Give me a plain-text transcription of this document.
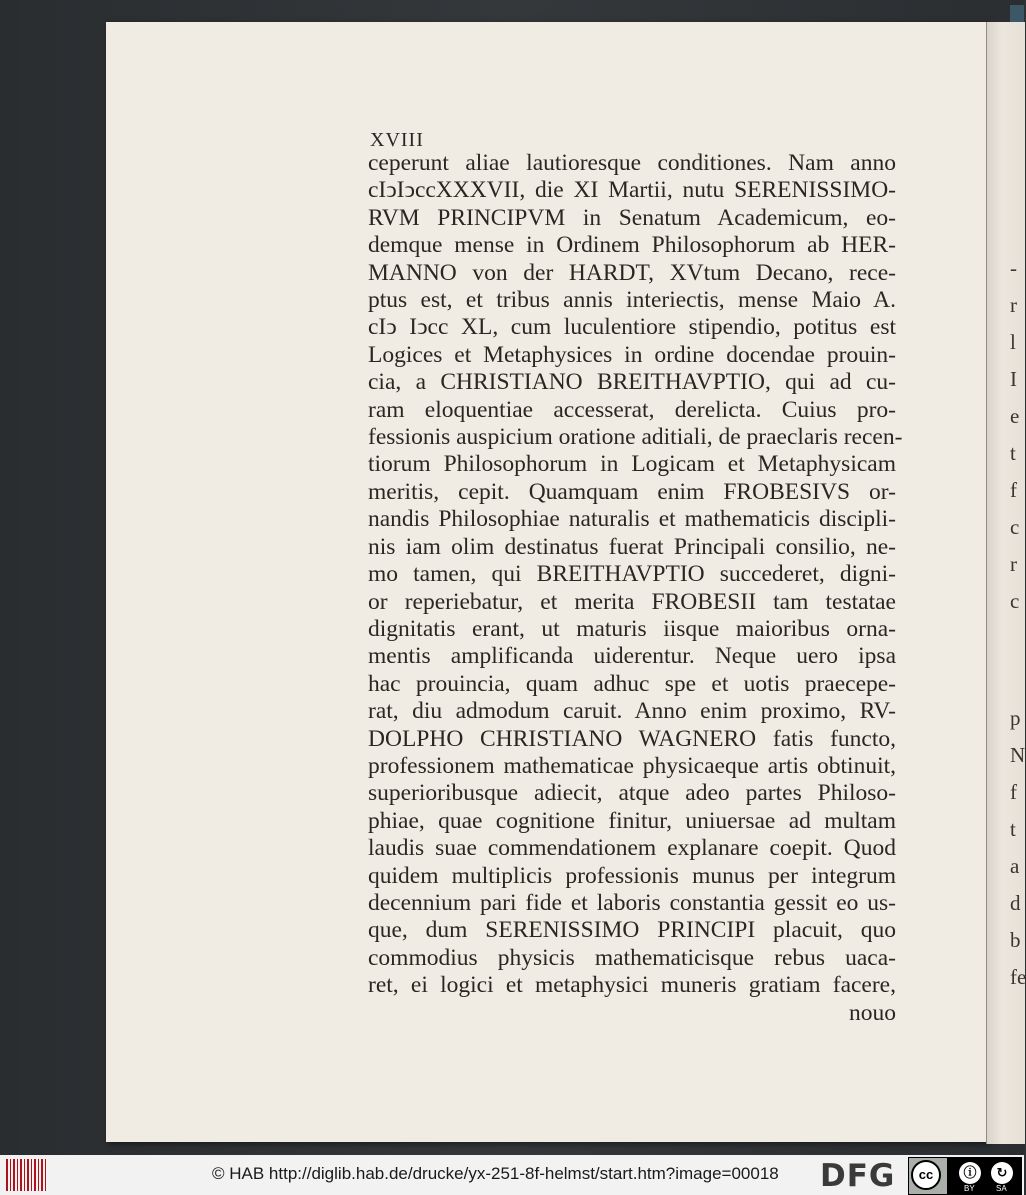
-
r
l
I
e
t
f
c
r
c
p
N
f
t
a
d
b
fe
XVIII
ceperunt aliae lautioresque conditiones. Nam anno
cIↄIↄccXXXVII, die XI Martii, nutu SERENISSIMO-
RVM PRINCIPVM in Senatum Academicum, eo-
demque mense in Ordinem Philosophorum ab HER-
MANNO von der HARDT, XVtum Decano, rece-
ptus est, et tribus annis interiectis, mense Maio A.
cIↄ Iↄcc XL, cum luculentiore stipendio, potitus est
Logices et Metaphysices in ordine docendae prouin-
cia, a CHRISTIANO BREITHAVPTIO, qui ad cu-
ram eloquentiae accesserat, derelicta. Cuius pro-
fessionis auspicium oratione aditiali, de praeclaris recen-
tiorum Philosophorum in Logicam et Metaphysicam
meritis, cepit. Quamquam enim FROBESIVS or-
nandis Philosophiae naturalis et mathematicis discipli-
nis iam olim destinatus fuerat Principali consilio, ne-
mo tamen, qui BREITHAVPTIO succederet, digni-
or reperiebatur, et merita FROBESII tam testatae
dignitatis erant, ut maturis iisque maioribus orna-
mentis amplificanda uiderentur. Neque uero ipsa
hac prouincia, quam adhuc spe et uotis praecepe-
rat, diu admodum caruit. Anno enim proximo, RV-
DOLPHO CHRISTIANO WAGNERO fatis functo,
professionem mathematicae physicaeque artis obtinuit,
superioribusque adiecit, atque adeo partes Philoso-
phiae, quae cognitione finitur, uniuersae ad multam
laudis suae commendationem explanare coepit. Quod
quidem multiplicis professionis munus per integrum
decennium pari fide et laboris constantia gessit eo us-
que, dum SERENISSIMO PRINCIPI placuit, quo
commodius physicis mathematicisque rebus uaca-
ret, ei logici et metaphysici muneris gratiam facere,
nouo
© HAB http://diglib.hab.de/drucke/yx-251-8f-helmst/start.htm?image=00018 DFG	cc	ⓘ	↻
BY	SA
